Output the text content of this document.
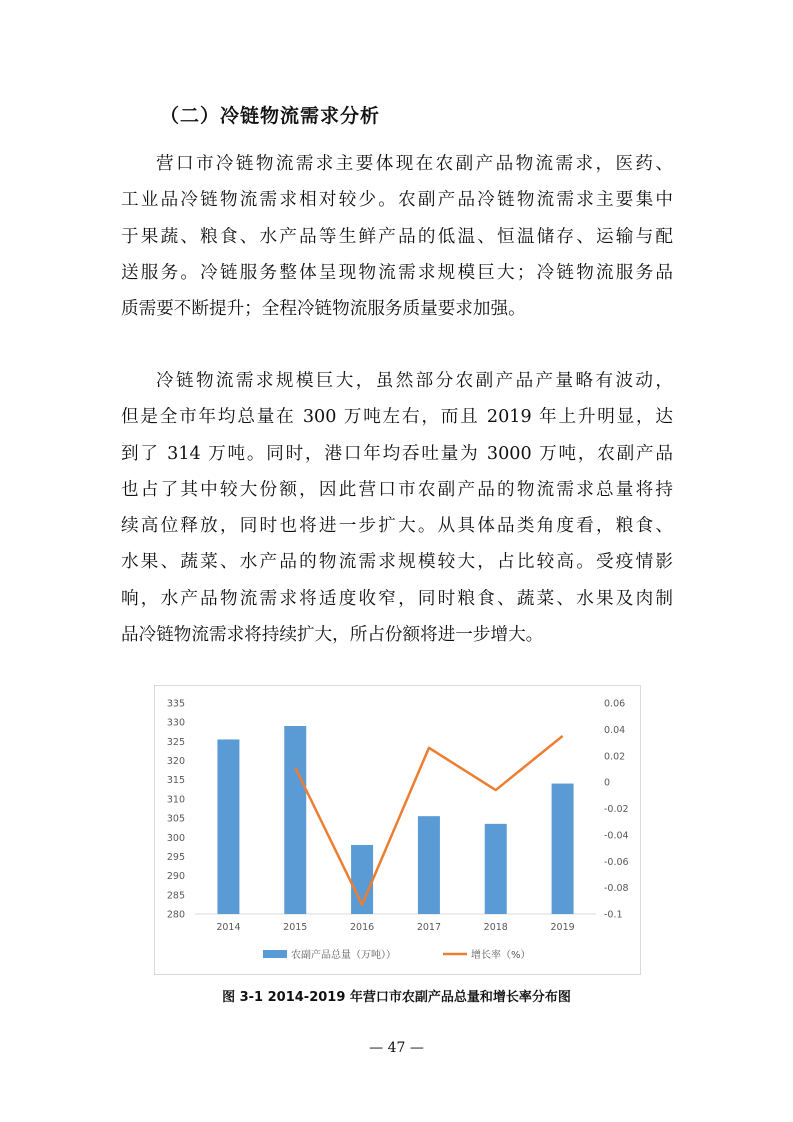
（二）冷链物流需求分析
营口市冷链物流需求主要体现在农副产品物流需求，医药、
工业品冷链物流需求相对较少。农副产品冷链物流需求主要集中
于果蔬、粮食、水产品等生鲜产品的低温、恒温储存、运输与配
送服务。冷链服务整体呈现物流需求规模巨大；冷链物流服务品
质需要不断提升；全程冷链物流服务质量要求加强。
冷链物流需求规模巨大，虽然部分农副产品产量略有波动，
但是全市年均总量在 300 万吨左右，而且 2019 年上升明显，达
到了 314 万吨。同时，港口年均吞吐量为 3000 万吨，农副产品
也占了其中较大份额，因此营口市农副产品的物流需求总量将持
续高位释放，同时也将进一步扩大。从具体品类角度看，粮食、
水果、蔬菜、水产品的物流需求规模较大，占比较高。受疫情影
响，水产品物流需求将适度收窄，同时粮食、蔬菜、水果及肉制
品冷链物流需求将持续扩大，所占份额将进一步增大。
335
330
325
320
315
310
305
300
295
290
285
280
0.06
0.04
0.02
0
-0.02
-0.04
-0.06
-0.08
-0.1
2014	2015	2016	2017	2018	2019
农副产品总量（万吨））	增长率（%）
图 3-1 2014-2019 年营口市农副产品总量和增长率分布图
— 47 —
